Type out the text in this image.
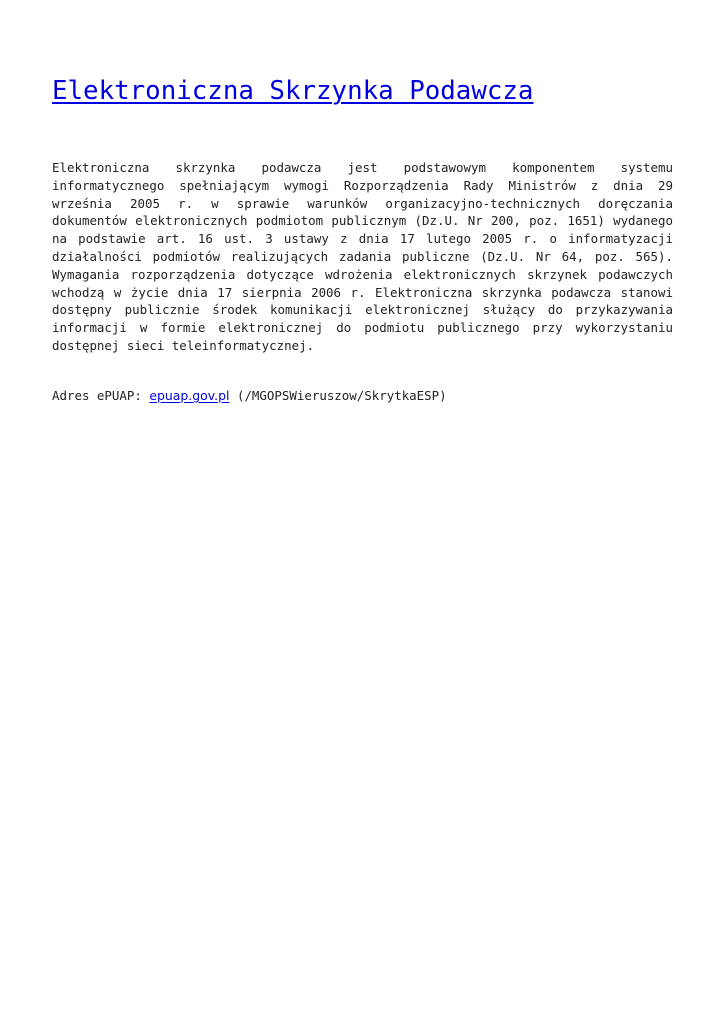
Elektroniczna Skrzynka Podawcza

Elektroniczna skrzynka podawcza jest podstawowym komponentem systemu informatycznego spełniającym wymogi Rozporządzenia Rady Ministrów z dnia 29 września 2005 r. w sprawie warunków organizacyjno-technicznych doręczania dokumentów elektronicznych podmiotom publicznym (Dz.U. Nr 200, poz. 1651) wydanego na podstawie art. 16 ust. 3 ustawy z dnia 17 lutego 2005 r. o informatyzacji działalności podmiotów realizujących zadania publiczne (Dz.U. Nr 64, poz. 565). Wymagania rozporządzenia dotyczące wdrożenia elektronicznych skrzynek podawczych wchodzą w życie dnia 17 sierpnia 2006 r. Elektroniczna skrzynka podawcza stanowi dostępny publicznie środek komunikacji elektronicznej służący do przykazywania informacji w formie elektronicznej do podmiotu publicznego przy wykorzystaniu dostępnej sieci teleinformatycznej.

Adres ePUAP: epuap.gov.pl (/MGOPSWieruszow/SkrytkaESP)
